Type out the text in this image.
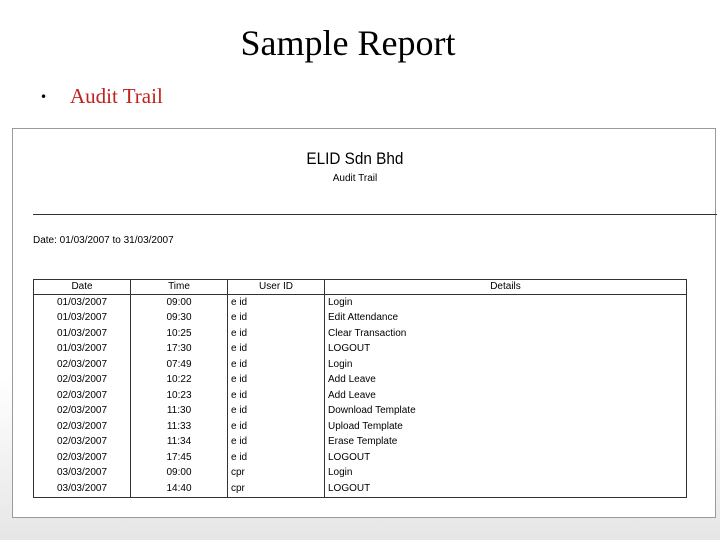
Sample Report
•	Audit Trail
ELID Sdn Bhd
Audit Trail
Date: 01/03/2007 to 31/03/2007
Date	Time	User ID	Details
01/03/2007	09:00	e id	Login
01/03/2007	09:30	e id	Edit Attendance
01/03/2007	10:25	e id	Clear Transaction
01/03/2007	17:30	e id	LOGOUT
02/03/2007	07:49	e id	Login
02/03/2007	10:22	e id	Add Leave
02/03/2007	10:23	e id	Add Leave
02/03/2007	11:30	e id	Download Template
02/03/2007	11:33	e id	Upload Template
02/03/2007	11:34	e id	Erase Template
02/03/2007	17:45	e id	LOGOUT
03/03/2007	09:00	cpr	Login
03/03/2007	14:40	cpr	LOGOUT
